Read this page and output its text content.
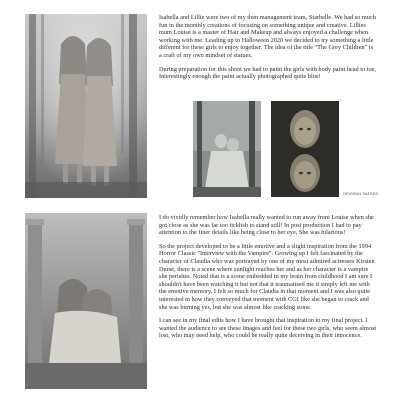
Isabella and Lillie were two of my then management team, Starbelle. We had so much fun in the monthly creations of focusing on something unique and creative. Lillies mum Louise is a master of Hair and Makeup and always enjoyed a challenge when working with me. Leading up to Halloween 2020 we decided to try something a little different for these girls to enjoy together. The idea of the title "The Grey Children" is a craft of my own mindset of statues.

During preparation for this shoot we had to paint the girls with body paint head to toe, Interestingly enough the paint actually photographed quite blue!

ORIGINAL IMAGES

I do vividly remember how Isabella really wanted to run away from Louise when she got close as she was far too ticklish to stand still! In post production I had to pay attention to the finer details like being close to her eye, She was hilarious!

So the project developed to be a little emotive and a slight inspiration from the 1994 Horror Classic "Interview with the Vampire". Growing up I felt fascinated by the character of Claudia who was portrayed by one of my most admired actresses Kirsten Dunst, there is a scene where sunlight reaches her and as her character is a vampire she perishes. Noted that is a scene embedded in my brain from childhood I am sure I shouldn't have been watching it but not that it traumatised me it simply left me with the emotive memory. I felt so much for Claudia in that moment and I was also quite interested in how they conveyed that moment with CGI like she began to crack and she was burning yes, but she was almost like cracking stone.

I can see in my final edits how I have brought that inspiration to my final project. I wanted the audience to see these images and feel for these two girls, who seem almost lost, who may need help, who could be really quite deceiving in their innocence.
